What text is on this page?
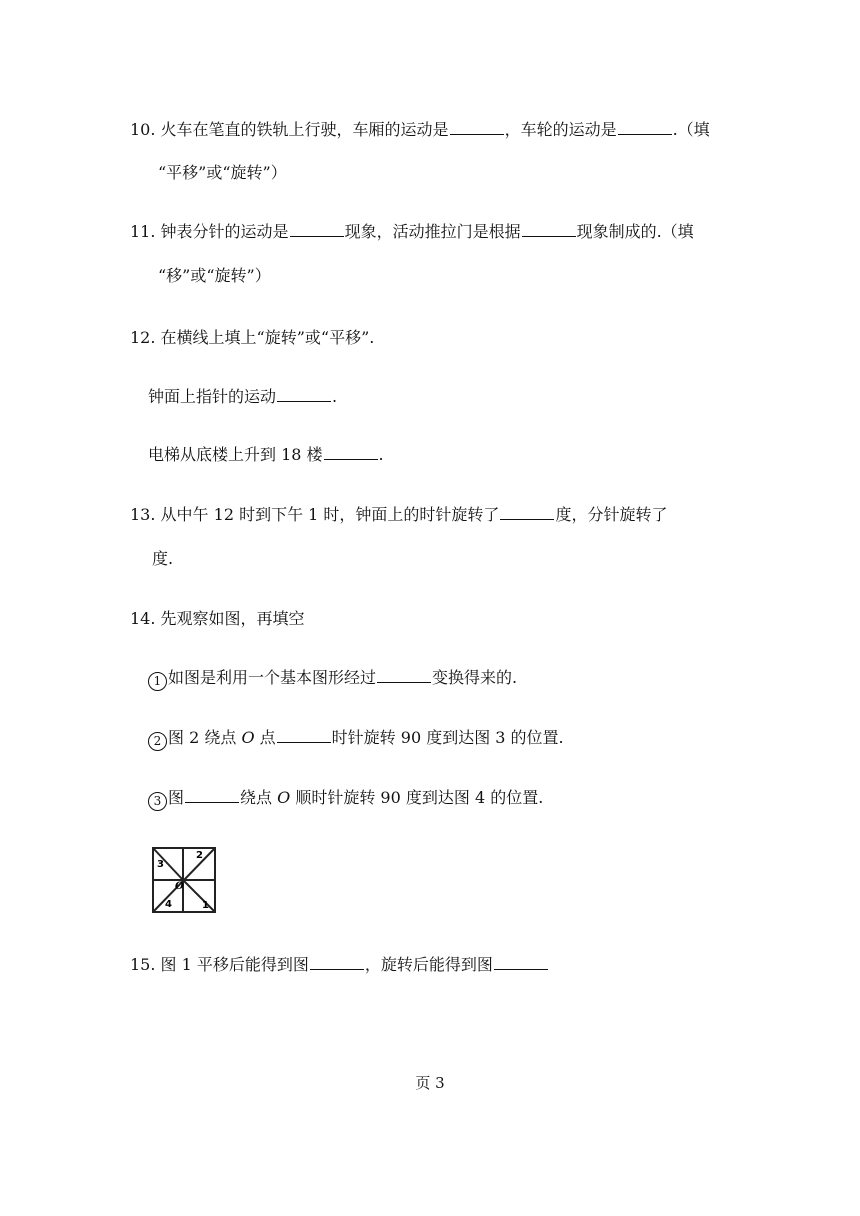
10. 火车在笔直的铁轨上行驶，车厢的运动是	，车轮的运动是	.（填
“平移”或“旋转”）
11. 钟表分针的运动是	现象，活动推拉门是根据	现象制成的.（填
“移”或“旋转”）
12. 在横线上填上“旋转”或“平移”.
钟面上指针的运动	.
电梯从底楼上升到 18 楼	.
13. 从中午 12 时到下午 1 时，钟面上的时针旋转了	度，分针旋转了
度.
14. 先观察如图，再填空
1 如图是利用一个基本图形经过	变换得来的.
2 图 2 绕点 O 点	时针旋转 90 度到达图 3 的位置.
3 图	绕点 O 顺时针旋转 90 度到达图 4 的位置.
1
2
3
4
O
15. 图 1 平移后能得到图	，旋转后能得到图
页 3
